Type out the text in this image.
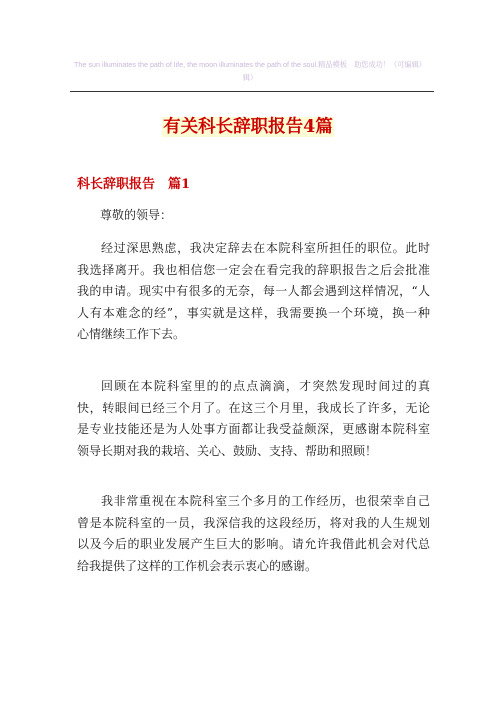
The sun illuminates the path of life, the moon illuminates the path of the soul.精品模板　助您成功！（可编辑）
辑）
有关科长辞职报告4篇
科长辞职报告　篇1
尊敬的领导：
经过深思熟虑，我决定辞去在本院科室所担任的职位。此时
我选择离开。我也相信您一定会在看完我的辞职报告之后会批准
我的申请。现实中有很多的无奈，每一人都会遇到这样情况，“人
人有本难念的经”，事实就是这样，我需要换一个环境，换一种
心情继续工作下去。
回顾在本院科室里的的点点滴滴，才突然发现时间过的真
快，转眼间已经三个月了。在这三个月里，我成长了许多，无论
是专业技能还是为人处事方面都让我受益颇深，更感谢本院科室
领导长期对我的栽培、关心、鼓励、支持、帮助和照顾！
我非常重视在本院科室三个多月的工作经历，也很荣幸自己
曾是本院科室的一员，我深信我的这段经历，将对我的人生规划
以及今后的职业发展产生巨大的影响。请允许我借此机会对代总
给我提供了这样的工作机会表示衷心的感谢。
